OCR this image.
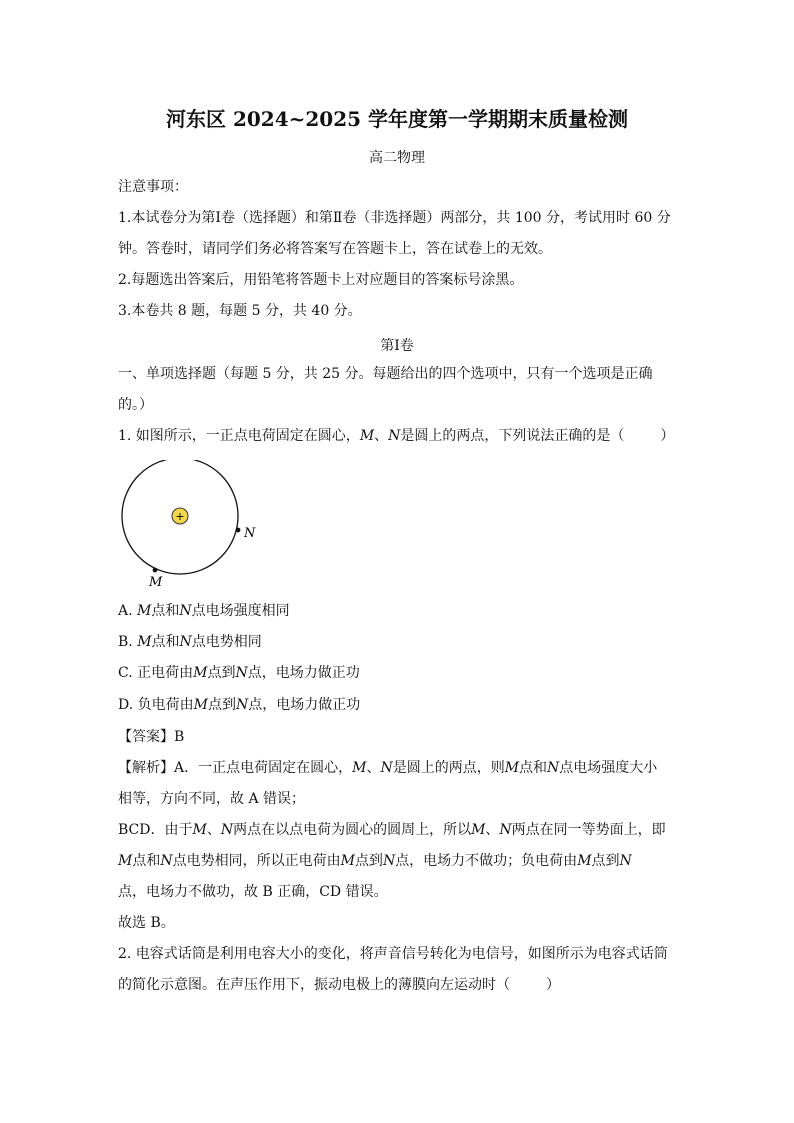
河东区 2024~2025 学年度第一学期期末质量检测
高二物理
注意事项：
1.本试卷分为第Ⅰ卷（选择题）和第Ⅱ卷（非选择题）两部分，共 100 分，考试用时 60 分
钟。答卷时，请同学们务必将答案写在答题卡上，答在试卷上的无效。
2.每题选出答案后，用铅笔将答题卡上对应题目的答案标号涂黑。
3.本卷共 8 题，每题 5 分，共 40 分。
第Ⅰ卷
一、单项选择题（每题 5 分，共 25 分。每题给出的四个选项中，只有一个选项是正确
的。）
1. 如图所示，一正点电荷固定在圆心，M、N是圆上的两点，下列说法正确的是（	）
+
N
M
A. M点和N点电场强度相同
B. M点和N点电势相同
C. 正电荷由M点到N点，电场力做正功
D. 负电荷由M点到N点，电场力做正功
【答案】B
【解析】A．一正点电荷固定在圆心，M、N是圆上的两点，则M点和N点电场强度大小
相等，方向不同，故 A 错误；
BCD．由于M、N两点在以点电荷为圆心的圆周上，所以M、N两点在同一等势面上，即
M点和N点电势相同，所以正电荷由M点到N点，电场力不做功；负电荷由M点到N
点，电场力不做功，故 B 正确，CD 错误。
故选 B。
2. 电容式话筒是利用电容大小的变化，将声音信号转化为电信号，如图所示为电容式话筒
的简化示意图。在声压作用下，振动电极上的薄膜向左运动时（	）
